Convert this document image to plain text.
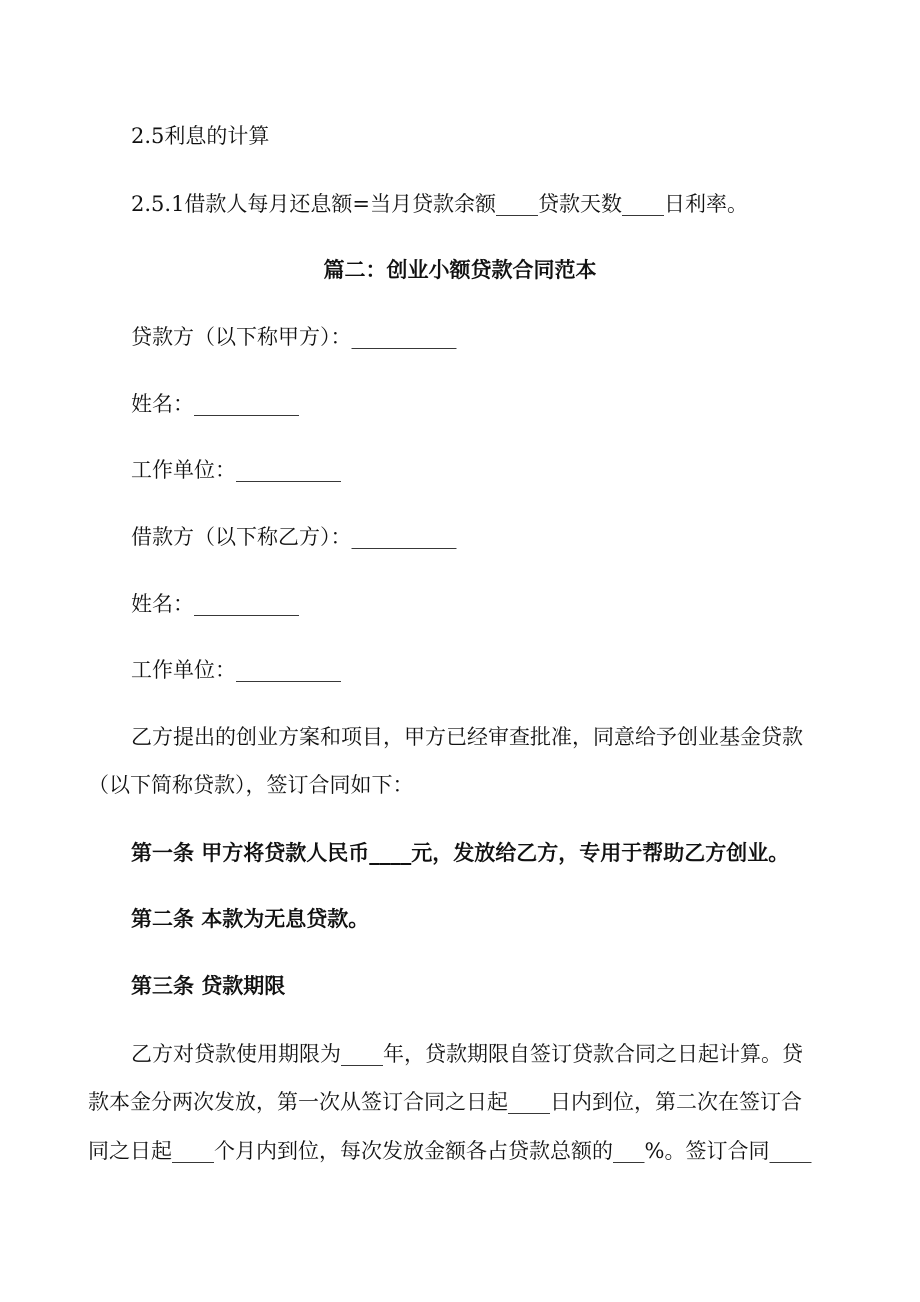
2.5利息的计算
2.5.1借款人每月还息额=当月贷款余额____贷款天数____日利率。
篇二：创业小额贷款合同范本
贷款方（以下称甲方）：__________
姓名：__________
工作单位：__________
借款方（以下称乙方）：__________
姓名：__________
工作单位：__________
乙方提出的创业方案和项目，甲方已经审查批准，同意给予创业基金贷款
（以下简称贷款），签订合同如下：
第一条 甲方将贷款人民币____元，发放给乙方，专用于帮助乙方创业。
第二条 本款为无息贷款。
第三条 贷款期限
乙方对贷款使用期限为____年，贷款期限自签订贷款合同之日起计算。贷
款本金分两次发放，第一次从签订合同之日起____日内到位，第二次在签订合
同之日起____个月内到位，每次发放金额各占贷款总额的___%。签订合同____
